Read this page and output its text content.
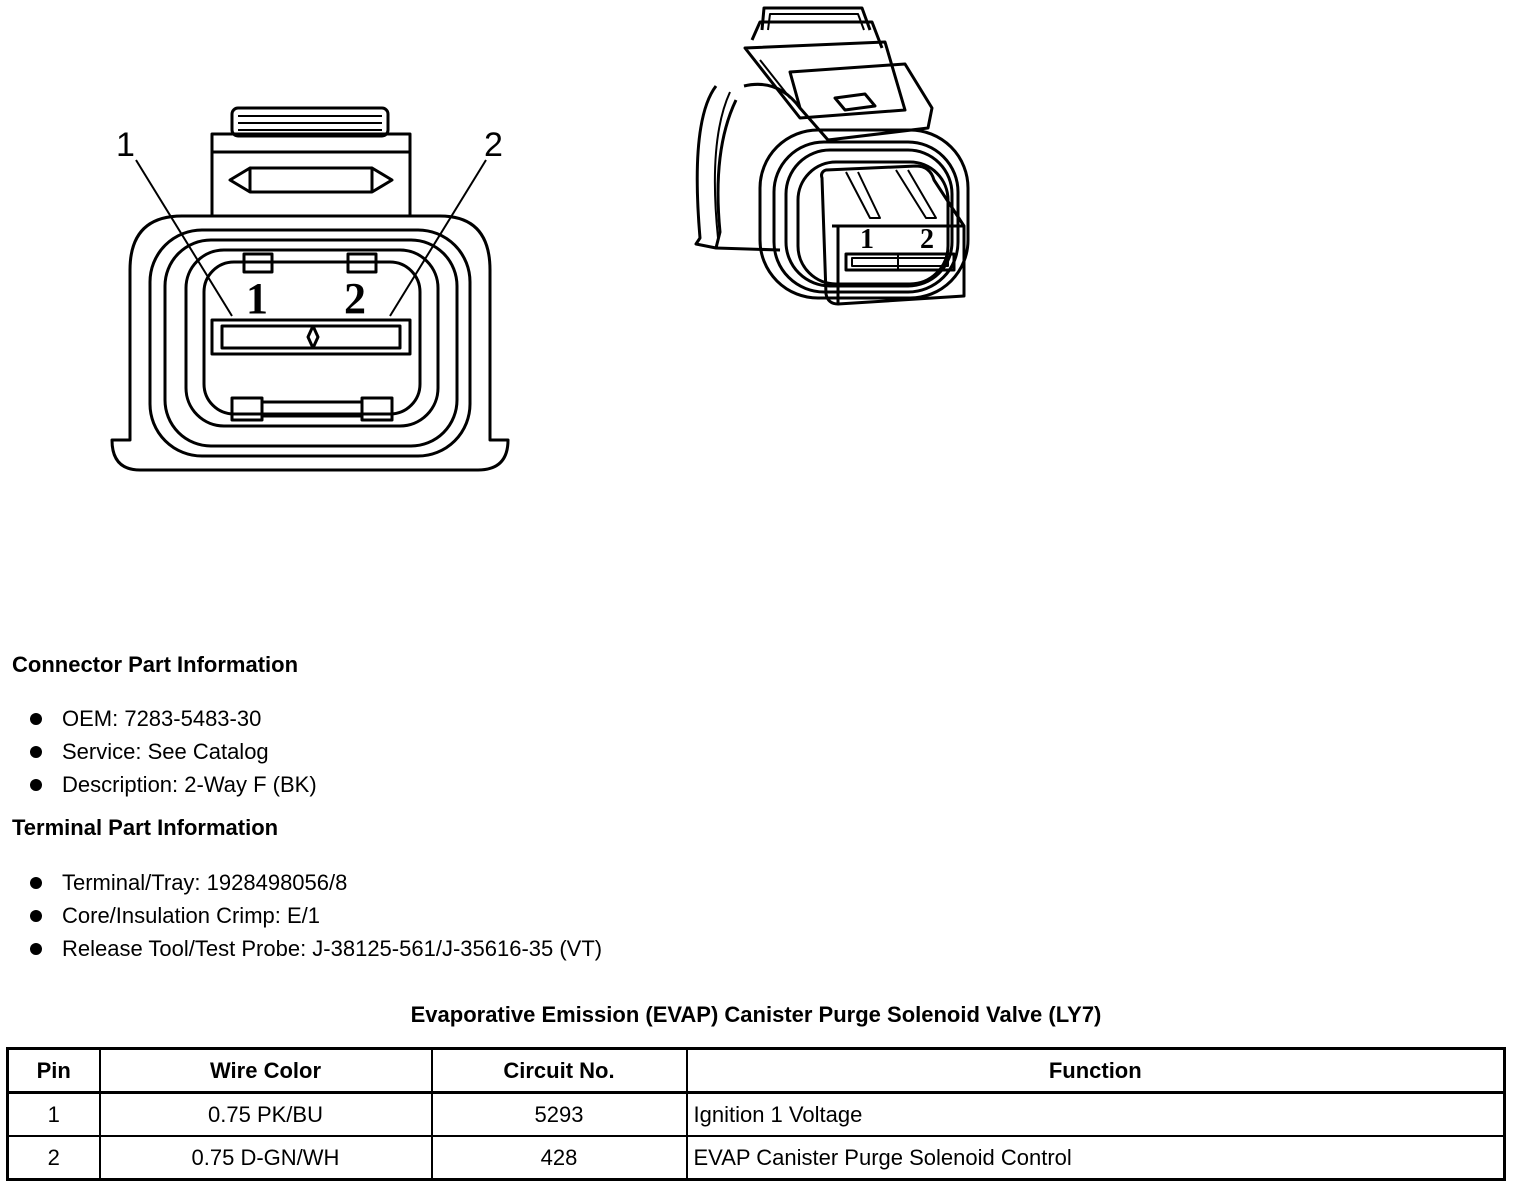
1	2
1 2
1 2
Connector Part Information
OEM: 7283-5483-30
Service: See Catalog
Description: 2-Way F (BK)
Terminal Part Information
Terminal/Tray: 1928498056/8
Core/Insulation Crimp: E/1
Release Tool/Test Probe: J-38125-561/J-35616-35 (VT)
Evaporative Emission (EVAP) Canister Purge Solenoid Valve (LY7)
Pin	Wire Color	Circuit No.	Function
1	0.75 PK/BU	5293	Ignition 1 Voltage
2	0.75 D-GN/WH	428	EVAP Canister Purge Solenoid Control
